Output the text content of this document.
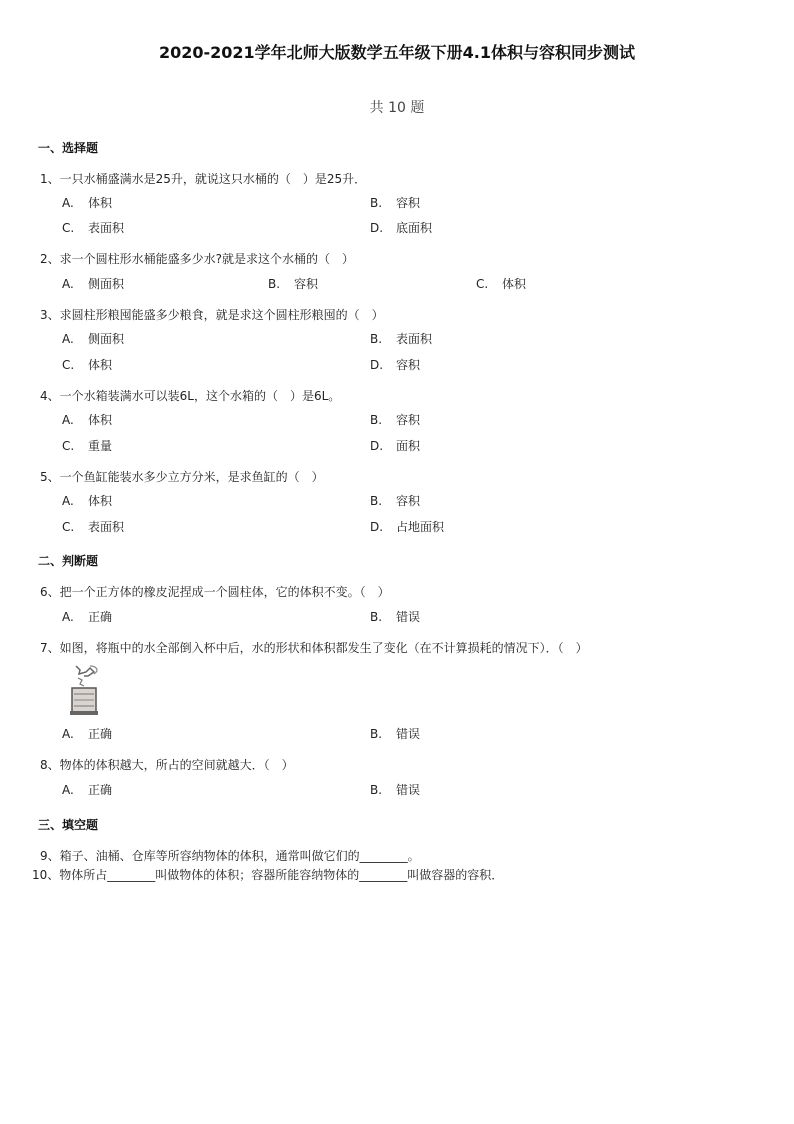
2020-2021学年北师大版数学五年级下册4.1体积与容积同步测试
共 10 题
一、选择题
1、一只水桶盛满水是25升，就说这只水桶的（　）是25升．
A. 体积	B. 容积
C. 表面积	D. 底面积
2、求一个圆柱形水桶能盛多少水?就是求这个水桶的（　）
A. 侧面积	B. 容积	C. 体积
3、求圆柱形粮囤能盛多少粮食，就是求这个圆柱形粮囤的（　）
A. 侧面积	B. 表面积
C. 体积	D. 容积
4、一个水箱装满水可以装6L，这个水箱的（　）是6L。
A. 体积	B. 容积
C. 重量	D. 面积
5、一个鱼缸能装水多少立方分米，是求鱼缸的（　）
A. 体积	B. 容积
C. 表面积	D. 占地面积
二、判断题
6、把一个正方体的橡皮泥捏成一个圆柱体，它的体积不变。（　）
A. 正确	B. 错误
7、如图，将瓶中的水全部倒入杯中后，水的形状和体积都发生了变化（在不计算损耗的情况下）．（　）
A. 正确	B. 错误
8、物体的体积越大，所占的空间就越大．（　）
A. 正确	B. 错误
三、填空题
9、箱子、油桶、仓库等所容纳物体的体积，通常叫做它们的________。
10、物体所占________叫做物体的体积；容器所能容纳物体的________叫做容器的容积．
